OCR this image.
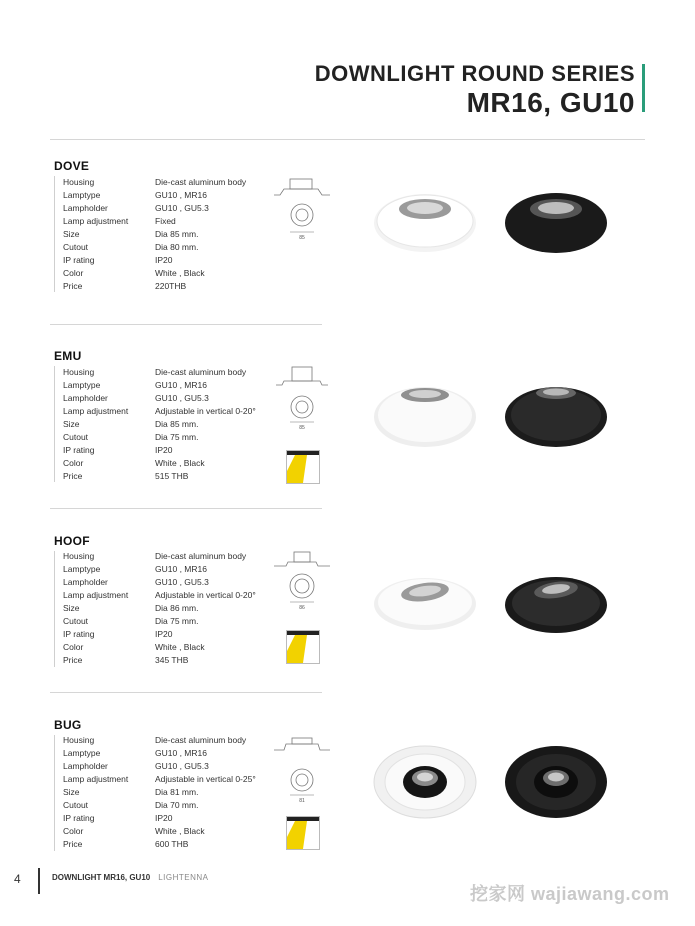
DOWNLIGHT ROUND SERIES
MR16, GU10
DOVE
Housing	Die-cast aluminum body
Lamptype	GU10 , MR16
Lampholder	GU10 , GU5.3
Lamp adjustment	Fixed
Size	Dia 85 mm.
Cutout	Dia 80 mm.
IP rating	IP20
Color	White , Black
Price	220THB
85
EMU
Housing	Die-cast aluminum body
Lamptype	GU10 , MR16
Lampholder	GU10 , GU5.3
Lamp adjustment	Adjustable in vertical 0-20°
Size	Dia 85 mm.
Cutout	Dia 75 mm.
IP rating	IP20
Color	White , Black
Price	515 THB
85
HOOF
Housing	Die-cast aluminum body
Lamptype	GU10 , MR16
Lampholder	GU10 , GU5.3
Lamp adjustment	Adjustable in vertical 0-20°
Size	Dia 86 mm.
Cutout	Dia 75 mm.
IP rating	IP20
Color	White , Black
Price	345 THB
86
BUG
Housing	Die-cast aluminum body
Lamptype	GU10 , MR16
Lampholder	GU10 , GU5.3
Lamp adjustment	Adjustable in vertical 0-25°
Size	Dia 81 mm.
Cutout	Dia 70 mm.
IP rating	IP20
Color	White , Black
Price	600 THB
81
4	DOWNLIGHT MR16, GU10 LIGHTENNA
挖家网 wajiawang.com
